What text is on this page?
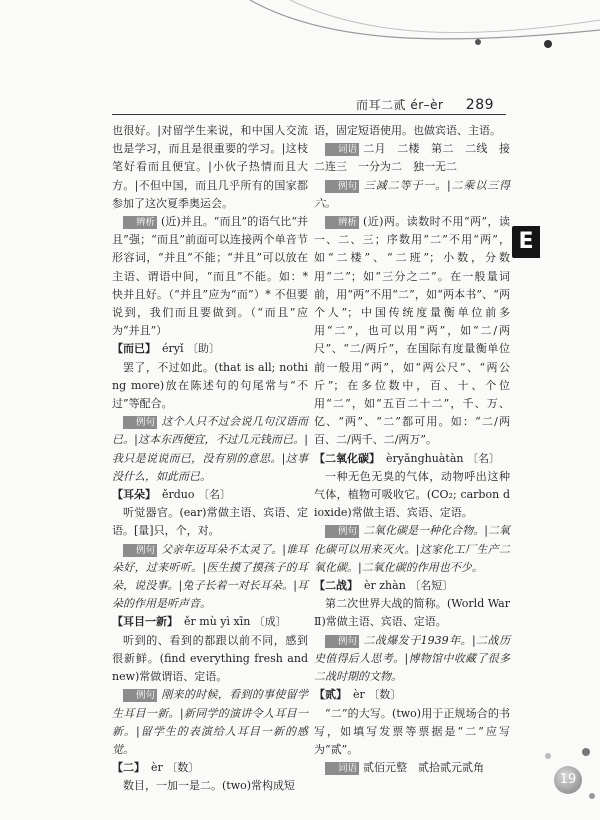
而耳二贰 ér–èr 289

也很好。|对留学生来说，和中国人交流也是学习，而且是很重要的学习。|这枝笔好看而且便宜。|小伙子热情而且大方。|不但中国，而且几乎所有的国家都参加了这次夏季奥运会。

辨析 (近)并且。“而且”的语气比“并且”强；“而且”前面可以连接两个单音节形容词，“并且”不能；“并且”可以放在主语、谓语中间，“而且”不能。如：* 快并且好。（“并且”应为“而”）* 不但要说到，我们而且要做到。（“而且”应为“并且”）

【而已】 éryǐ 〔助〕

罢了，不过如此。(that is all; nothing more)放在陈述句的句尾常与“不过”等配合。

例句 这个人只不过会说几句汉语而已。|这本东西便宜，不过几元钱而已。|我只是说说而已，没有别的意思。|这事没什么，如此而已。

【耳朵】 ěrduo 〔名〕

听觉器官。(ear)常做主语、宾语、定语。[量]只，个，对。

例句 父亲年迈耳朵不太灵了。|谁耳朵好，过来听听。|医生摸了摸孩子的耳朵，说没事。|兔子长着一对长耳朵。|耳朵的作用是听声音。

【耳目一新】 ěr mù yì xīn 〔成〕

听到的、看到的都跟以前不同，感到很新鲜。(find everything fresh and new)常做谓语、定语。

例句 刚来的时候，看到的事使留学生耳目一新。|新同学的演讲令人耳目一新。|留学生的表演给人耳目一新的感觉。

【二】 èr 〔数〕

数目，一加一是二。(two)常构成短

语，固定短语使用。也做宾语、主语。

词语 二月　二楼　第二　二线　接二连三　一分为二　独一无二

例句 三减二等于一。|二乘以三得六。

辨析 (近)两。读数时不用“两”，读一、二、三；序数用“二”不用“两”，如“二楼”、“二班”；小数，分数用“二”；如“三分之二”。在一般量词前，用“两”不用“二”，如“两本书”、“两个人”；中国传统度量衡单位前多用“二”，也可以用“两”，如“二/两尺”、“二/两斤”，在国际有度量衡单位前一般用“两”，如“两公尺”、“两公斤”；在多位数中，百、十、个位用“二”，如“五百二十二”，千、万、亿、“两”、“二”都可用。如：“二/两百、二/两千、二/两万”。

【二氧化碳】 èryǎnghuàtàn 〔名〕

一种无色无臭的气体，动物呼出这种气体，植物可吸收它。(CO₂; carbon dioxide)常做主语、宾语、定语。

例句 二氧化碳是一种化合物。|二氧化碳可以用来灭火。|这家化工厂生产二氧化碳。|二氧化碳的作用也不少。

【二战】 èr zhàn 〔名短〕

第二次世界大战的简称。(World War Ⅱ)常做主语、宾语、定语。

例句 二战爆发于1939年。|二战历史值得后人思考。|博物馆中收藏了很多二战时期的文物。

【贰】 èr 〔数〕

“二”的大写。(two)用于正规场合的书写，如填写发票等票据是“二”应写为“贰”。

词语 贰佰元整　贰拾贰元贰角

E
19
